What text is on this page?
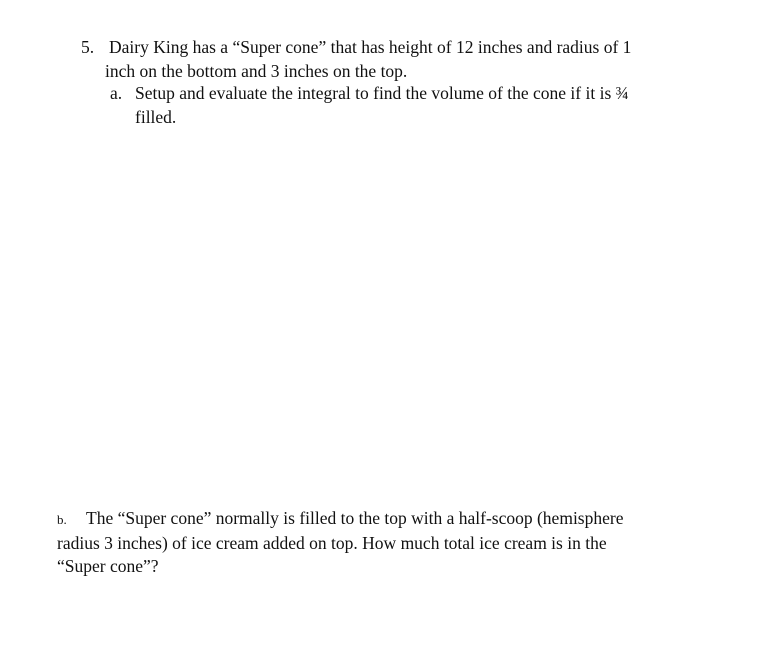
5. Dairy King has a “Super cone” that has height of 12 inches and radius of 1
inch on the bottom and 3 inches on the top.
a. Setup and evaluate the integral to find the volume of the cone if it is ¾
filled.
b. The “Super cone” normally is filled to the top with a half-scoop (hemisphere
radius 3 inches) of ice cream added on top. How much total ice cream is in the
“Super cone”?
